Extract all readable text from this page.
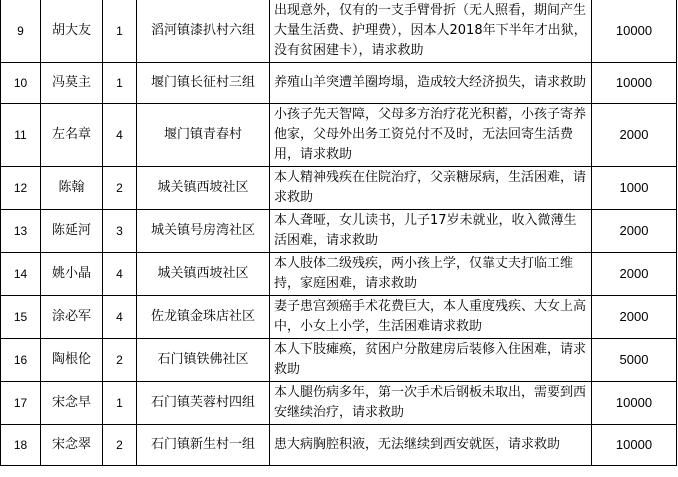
9	胡大友	1	滔河镇漆扒村六组	出现意外，仅有的一支手臂骨折（无人照看，期间产生大量生活费、护理费），因本人2018年下半年才出狱，没有贫困建卡），请求救助	10000
10	冯莫主	1	堰门镇长征村三组	养殖山羊突遭羊圈垮塌，造成较大经济损失，请求救助	10000
11	左名章	4	堰门镇青春村	小孩子先天智障，父母多方治疗花光积蓄，小孩子寄养他家，父母外出务工资兑付不及时，无法回寄生活费用，请求救助	2000
12	陈翰	2	城关镇西坡社区	本人精神残疾在住院治疗，父亲糖尿病，生活困难，请求救助	1000
13	陈延河	3	城关镇号房湾社区	本人聋哑，女儿读书，儿子17岁未就业，收入微薄生活困难，请求救助	2000
14	姚小晶	4	城关镇西坡社区	本人肢体二级残疾，两小孩上学，仅靠丈夫打临工维持，家庭困难，请求救助	2000
15	涂必军	4	佐龙镇金珠店社区	妻子患宫颈癌手术花费巨大，本人重度残疾、大女上高中，小女上小学，生活困难请求救助	2000
16	陶根伦	2	石门镇铁佛社区	本人下肢瘫痪，贫困户分散建房后装修入住困难，请求救助	5000
17	宋念早	1	石门镇芙蓉村四组	本人腿伤病多年，第一次手术后钢板未取出，需要到西安继续治疗，请求救助	10000
18	宋念翠	2	石门镇新生村一组	患大病胸腔积液，无法继续到西安就医，请求救助	10000
